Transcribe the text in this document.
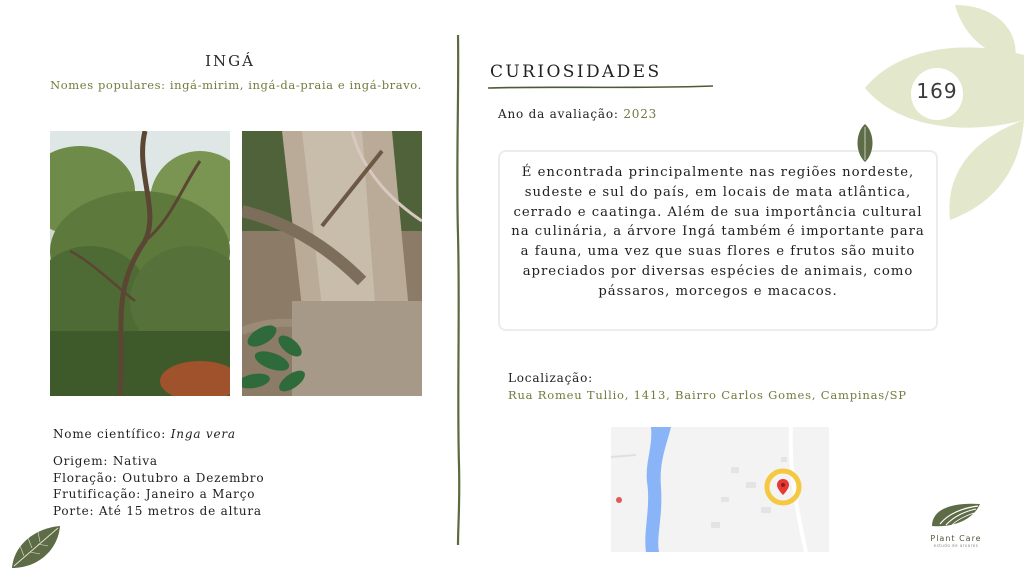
INGÁ
Nomes populares: ingá-mirim, ingá-da-praia e ingá-bravo.
Nome científico: Inga vera
Origem: Nativa
Floração: Outubro a Dezembro
Frutificação: Janeiro a Março
Porte: Até 15 metros de altura
CURIOSIDADES
Ano da avaliação: 2023
É encontrada principalmente nas regiões nordeste, sudeste e sul do país, em locais de mata atlântica, cerrado e caatinga. Além de sua importância cultural na culinária, a árvore Ingá também é importante para a fauna, uma vez que suas flores e frutos são muito apreciados por diversas espécies de animais, como pássaros, morcegos e macacos.
Localização:
Rua Romeu Tullio, 1413, Bairro Carlos Gomes, Campinas/SP
169
Plant Care
estudo de arvores
